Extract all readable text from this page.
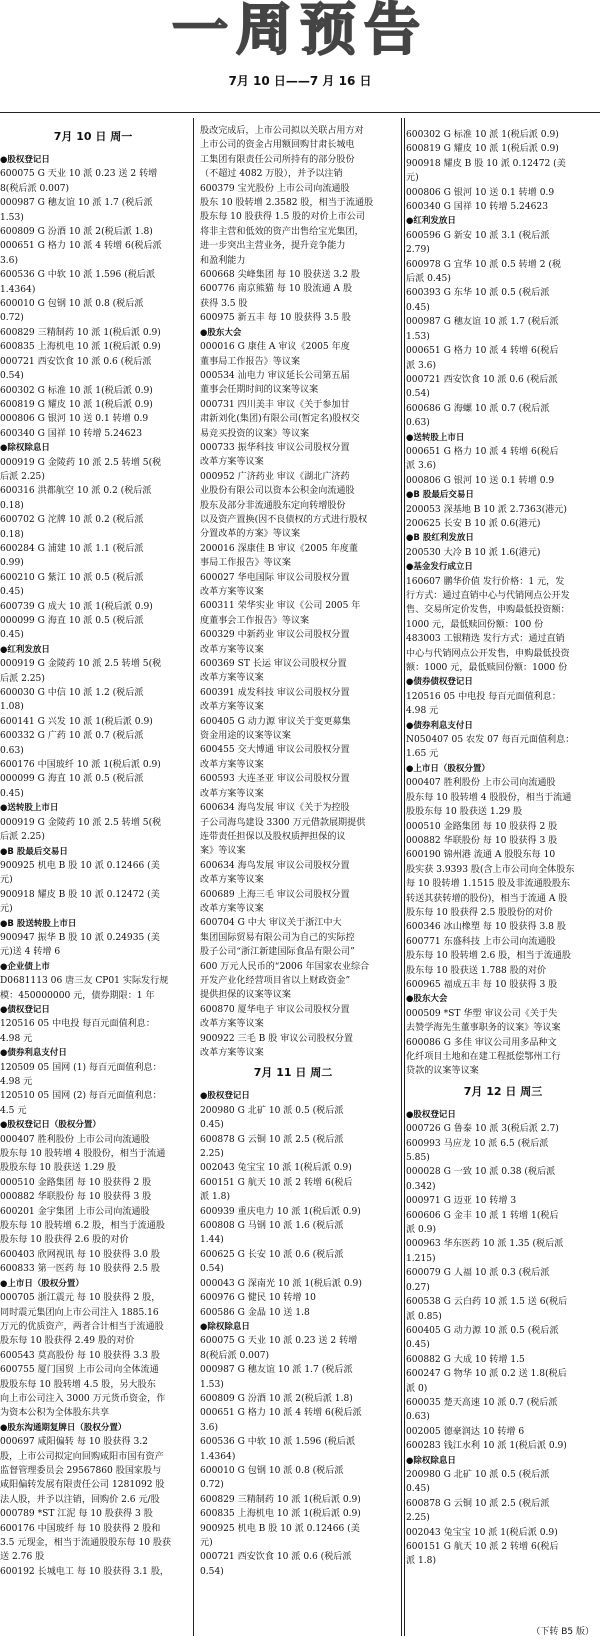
一周预告
7月 10 日——7 月 16 日
7月 10 日 周一
●股权登记日
600075 G 天业 10 派 0.23 送 2 转增
8(税后派 0.007)
000987 G 穗友谊 10 派 1.7 (税后派
1.53)
600809 G 汾酒 10 派 2(税后派 1.8)
000651 G 格力 10 派 4 转增 6(税后派
3.6)
600536 G 中软 10 派 1.596 (税后派
1.4364)
600010 G 包钢 10 派 0.8 (税后派
0.72)
600829 三精制药 10 派 1(税后派 0.9)
600835 上海机电 10 派 1(税后派 0.9)
000721 西安饮食 10 派 0.6 (税后派
0.54)
600302 G 标准 10 派 1(税后派 0.9)
600819 G 耀皮 10 派 1(税后派 0.9)
000806 G 银河 10 送 0.1 转增 0.9
600340 G 国祥 10 转增 5.24623
●除权除息日
000919 G 金陵药 10 派 2.5 转增 5(税
后派 2.25)
600316 洪都航空 10 派 0.2 (税后派
0.18)
600702 G 沱牌 10 派 0.2 (税后派
0.18)
600284 G 浦建 10 派 1.1 (税后派
0.99)
600210 G 紫江 10 派 0.5 (税后派
0.45)
600739 G 成大 10 派 1(税后派 0.9)
000099 G 海直 10 派 0.5 (税后派
0.45)
●红利发放日
000919 G 金陵药 10 派 2.5 转增 5(税
后派 2.25)
600030 G 中信 10 派 1.2 (税后派
1.08)
600141 G 兴发 10 派 1(税后派 0.9)
600332 G 广药 10 派 0.7 (税后派
0.63)
600176 中国玻纤 10 派 1(税后派 0.9)
000099 G 海直 10 派 0.5 (税后派
0.45)
●送转股上市日
000919 G 金陵药 10 派 2.5 转增 5(税
后派 2.25)
●B 股最后交易日
900925 机电 B 股 10 派 0.12466 (美
元)
900918 耀皮 B 股 10 派 0.12472 (美
元)
●B 股送转股上市日
900947 振华 B 股 10 派 0.24935 (美
元)送 4 转增 6
●企业债上市
D0681113 06 唐三友 CP01 实际发行规
模：450000000 元，债券期限：1 年
●债权登记日
120516 05 中电投 每百元面值利息：
4.98 元
●债券利息支付日
120509 05 国网 (1) 每百元面值利息：
4.98 元
120510 05 国网 (2) 每百元面值利息：
4.5 元
●股权登记日（股权分置）
000407 胜利股份 上市公司向流通股
股东每 10 股转增 4 股股份，相当于流通
股股东每 10 股获送 1.29 股
000510 金路集团 每 10 股获得 2 股
000882 华联股份 每 10 股获得 3 股
600201 金宇集团 上市公司向流通股
股东每 10 股转增 6.2 股，相当于流通股
股东每 10 股获得 2.6 股的对价
600403 欣网视讯 每 10 股获得 3.0 股
600833 第一医药 每 10 股获得 2.5 股
●上市日（股权分置）
000705 浙江震元 每 10 股获得 2 股，
同时震元集团向上市公司注入 1885.16
万元的优质资产，两者合计相当于流通股
股东每 10 股获得 2.49 股的对价
600543 莫高股份 每 10 股获得 3.3 股
600755 厦门国贸 上市公司向全体流通
股股东每 10 股转增 4.5 股，另大股东
向上市公司注入 3000 万元货币资金，作
为资本公积为全体股东共享
●股东沟通期复牌日（股权分置）
000697 咸阳偏转 每 10 股获得 3.2
股，上市公司拟定向回购咸阳市国有资产
监督管理委员会 29567860 股国家股与
咸阳偏转发展有限责任公司 1281092 股
法人股，并予以注销，回购价 2.6 元/股
000789 *ST 江泥 每 10 股获得 3 股
600176 中国玻纤 每 10 股获得 2 股和
3.5 元现金，相当于流通股股东每 10 股获
送 2.76 股
600192 长城电工 每 10 股获得 3.1 股，
股改完成后，上市公司拟以关联占用方对
上市公司的资金占用额回购甘肃长城电
工集团有限责任公司所持有的部分股份
（不超过 4082 万股），并予以注销
600379 宝光股份 上市公司向流通股
股东 10 股转增 2.3582 股，相当于流通股
股东每 10 股获得 1.5 股的对价上市公司
将非主营和低效的资产出售给宝光集团，
进一步突出主营业务，提升竞争能力
和盈利能力
600668 尖峰集团 每 10 股获送 3.2 股
600776 南京熊猫 每 10 股流通 A 股
获得 3.5 股
600975 新五丰 每 10 股获得 3.5 股
●股东大会
000016 G 康佳 A 审议《2005 年度
董事局工作报告》等议案
000534 汕电力 审议延长公司第五届
董事会任期时间的议案等议案
000731 四川美丰 审议《关于参加甘
肃新刘化(集团)有限公司(暂定名)股权交
易竞买投资的议案》等议案
000733 振华科技 审议公司股权分置
改革方案等议案
000952 广济药业 审议《湖北广济药
业股份有限公司以资本公积金向流通股
股东及部分非流通股东定向转增股份
以及资产置换(因不良债权的方式进行股权
分置改革的方案》等议案
200016 深康佳 B 审议《2005 年度董
事局工作报告》等议案
600027 华电国际 审议公司股权分置
改革方案等议案
600311 荣华实业 审议《公司 2005 年
度董事会工作报告》等议案
600329 中新药业 审议公司股权分置
改革方案等议案
600369 ST 长运 审议公司股权分置
改革方案等议案
600391 成发科技 审议公司股权分置
改革方案等议案
600405 G 动力源 审议关于变更募集
资金用途的议案等议案
600455 交大博通 审议公司股权分置
改革方案等议案
600593 大连圣亚 审议公司股权分置
改革方案等议案
600634 海鸟发展 审议《关于为控股
子公司海鸟建设 3300 万元借款展期提供
连带责任担保以及股权质押担保的议
案》等议案
600634 海鸟发展 审议公司股权分置
改革方案等议案
600689 上海三毛 审议公司股权分置
改革方案等议案
600704 G 中大 审议关于浙江中大
集团国际贸易有限公司为自己的实际控
股子公司“浙江新建国际食品有限公司”
600 万元人民币的“2006 年国家农业综合
开发产业化经营项目省以上财政资金”
提供担保的议案等议案
600870 厦华电子 审议公司股权分置
改革方案等议案
900922 三毛 B 股 审议公司股权分置
改革方案等议案
7月 11 日 周二
●股权登记日
200980 G 北矿 10 派 0.5 (税后派
0.45)
600878 G 云铜 10 派 2.5 (税后派
2.25)
002043 兔宝宝 10 派 1(税后派 0.9)
600151 G 航天 10 派 2 转增 6(税后
派 1.8)
600939 重庆电力 10 派 1(税后派 0.9)
600808 G 马钢 10 派 1.6 (税后派
1.44)
600625 G 长安 10 派 0.6 (税后派
0.54)
000043 G 深南光 10 派 1(税后派 0.9)
600976 G 健民 10 转增 10
600586 G 金晶 10 送 1.8
●除权除息日
600075 G 天业 10 派 0.23 送 2 转增
8(税后派 0.007)
000987 G 穗友谊 10 派 1.7 (税后派
1.53)
600809 G 汾酒 10 派 2(税后派 1.8)
000651 G 格力 10 派 4 转增 6(税后派
3.6)
600536 G 中软 10 派 1.596 (税后派
1.4364)
600010 G 包钢 10 派 0.8 (税后派
0.72)
600829 三精制药 10 派 1(税后派 0.9)
600835 上海机电 10 派 1(税后派 0.9)
900925 机电 B 股 10 派 0.12466 (美
元)
000721 西安饮食 10 派 0.6 (税后派
0.54)
600302 G 标准 10 派 1(税后派 0.9)
600819 G 耀皮 10 派 1(税后派 0.9)
900918 耀皮 B 股 10 派 0.12472 (美
元)
000806 G 银河 10 送 0.1 转增 0.9
600340 G 国祥 10 转增 5.24623
●红利发放日
600596 G 新安 10 派 3.1 (税后派
2.79)
600978 G 宜华 10 派 0.5 转增 2 (税
后派 0.45)
600393 G 东华 10 派 0.5 (税后派
0.45)
000987 G 穗友谊 10 派 1.7 (税后派
1.53)
000651 G 格力 10 派 4 转增 6(税后
派 3.6)
000721 西安饮食 10 派 0.6 (税后派
0.54)
600686 G 海螺 10 派 0.7 (税后派
0.63)
●送转股上市日
000651 G 格力 10 派 4 转增 6(税后
派 3.6)
000806 G 银河 10 送 0.1 转增 0.9
●B 股最后交易日
200053 深基地 B 10 派 2.7363(港元)
200625 长安 B 10 派 0.6(港元)
●B 股红利发放日
200530 大冷 B 10 派 1.6(港元)
●基金发行成立日
160607 鹏华价值 发行价格：1 元，发
行方式：通过直销中心与代销网点公开发
售、交易所定价发售，申购最低投资额：
1000 元，最低赎回份额：100 份
483003 工银精选 发行方式：通过直销
中心与代销网点公开发售，申购最低投资
额：1000 元，最低赎回份额：1000 份
●债券债权登记日
120516 05 中电投 每百元面值利息：
4.98 元
●债券利息支付日
N050407 05 农发 07 每百元面值利息：
1.65 元
●上市日（股权分置）
000407 胜利股份 上市公司向流通股
股东每 10 股转增 4 股股份，相当于流通
股股东每 10 股获送 1.29 股
000510 金路集团 每 10 股获得 2 股
000882 华联股份 每 10 股获得 3 股
600190 锦州港 流通 A 股股东每 10
股实获 3.9393 股(含上市公司向全体股东
每 10 股转增 1.1515 股及非流通股股东
转送其获转增的股份)，相当于流通 A 股
股东每 10 股获得 2.5 股股份的对价
600346 冰山橡塑 每 10 股获得 3.8 股
600771 东盛科技 上市公司向流通股
股东每 10 股转增 2.6 股，相当于流通股
股东每 10 股获送 1.788 股的对价
600965 福成五丰 每 10 股获得 3 股
●股东大会
000509 *ST 华塑 审议公司《关于失
去赞学海先生董事职务的议案》等议案
600086 G 多佳 审议公司用多品种文
化纤项目土地和在建工程抵偿鄂州工行
贷款的议案等议案
7月 12 日 周三
●股权登记日
000726 G 鲁泰 10 派 3(税后派 2.7)
600993 马应龙 10 派 6.5 (税后派
5.85)
000028 G 一致 10 派 0.38 (税后派
0.342)
000971 G 迈亚 10 转增 3
600606 G 金丰 10 派 1 转增 1(税后
派 0.9)
000963 华东医药 10 派 1.35 (税后派
1.215)
600079 G 人福 10 派 0.3 (税后派
0.27)
600538 G 云白药 10 派 1.5 送 6(税后
派 0.85)
600405 G 动力源 10 派 0.5 (税后派
0.45)
600882 G 大成 10 转增 1.5
600247 G 物华 10 派 0.2 送 1.8(税后
派 0)
600035 楚天高速 10 派 0.7 (税后派
0.63)
002005 德豪润达 10 转增 6
600283 钱江水利 10 派 1(税后派 0.9)
●除权除息日
200980 G 北矿 10 派 0.5 (税后派
0.45)
600878 G 云铜 10 派 2.5 (税后派
2.25)
002043 兔宝宝 10 派 1(税后派 0.9)
600151 G 航天 10 派 2 转增 6(税后
派 1.8)
（下转 B5 版）
